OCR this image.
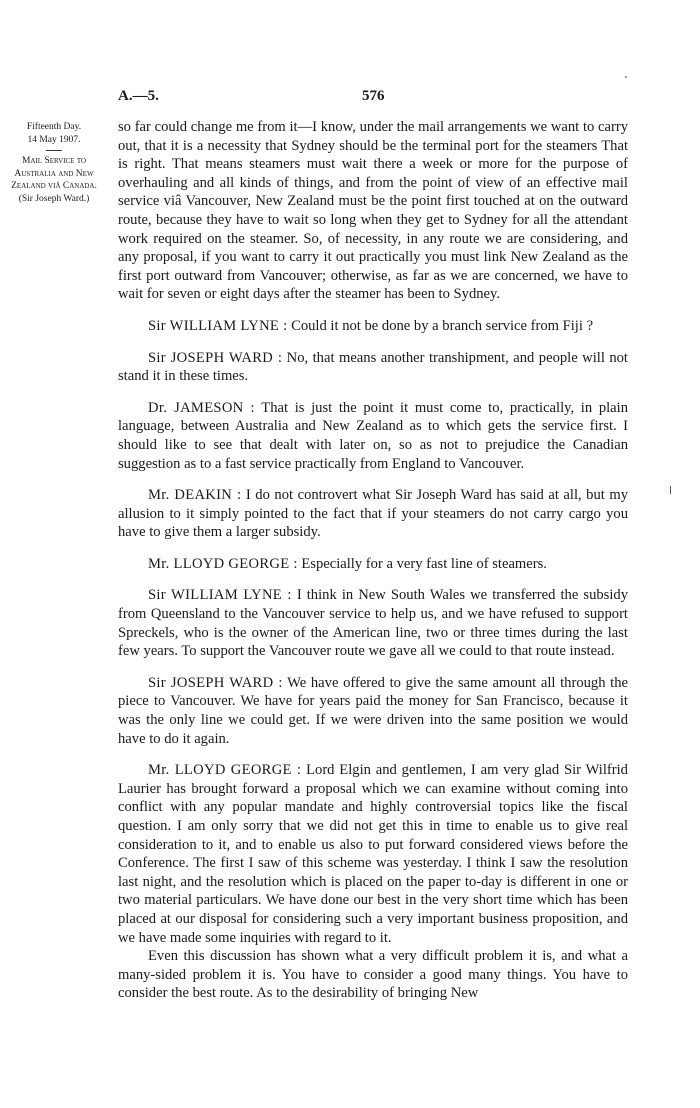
A.—5.	576
Fifteenth Day.
14 May 1907.
Mail Service to Australia and New Zealand viâ Canada.
(Sir Joseph Ward.)

so far could change me from it—I know, under the mail arrangements we want to carry out, that it is a necessity that Sydney should be the terminal port for the steamers That is right. That means steamers must wait there a week or more for the purpose of overhauling and all kinds of things, and from the point of view of an effective mail service viâ Vancouver, New Zealand must be the point first touched at on the outward route, because they have to wait so long when they get to Sydney for all the attendant work required on the steamer. So, of necessity, in any route we are considering, and any proposal, if you want to carry it out practically you must link New Zealand as the first port outward from Vancouver; otherwise, as far as we are concerned, we have to wait for seven or eight days after the steamer has been to Sydney.

Sir WILLIAM LYNE : Could it not be done by a branch service from Fiji ?

Sir JOSEPH WARD : No, that means another transhipment, and people will not stand it in these times.

Dr. JAMESON : That is just the point it must come to, practically, in plain language, between Australia and New Zealand as to which gets the service first. I should like to see that dealt with later on, so as not to prejudice the Canadian suggestion as to a fast service practically from England to Vancouver.

Mr. DEAKIN : I do not controvert what Sir Joseph Ward has said at all, but my allusion to it simply pointed to the fact that if your steamers do not carry cargo you have to give them a larger subsidy.

Mr. LLOYD GEORGE : Especially for a very fast line of steamers.

Sir WILLIAM LYNE : I think in New South Wales we transferred the subsidy from Queensland to the Vancouver service to help us, and we have refused to support Spreckels, who is the owner of the American line, two or three times during the last few years. To support the Vancouver route we gave all we could to that route instead.

Sir JOSEPH WARD : We have offered to give the same amount all through the piece to Vancouver. We have for years paid the money for San Francisco, because it was the only line we could get. If we were driven into the same position we would have to do it again.

Mr. LLOYD GEORGE : Lord Elgin and gentlemen, I am very glad Sir Wilfrid Laurier has brought forward a proposal which we can examine without coming into conflict with any popular mandate and highly controversial topics like the fiscal question. I am only sorry that we did not get this in time to enable us to give real consideration to it, and to enable us also to put forward considered views before the Conference. The first I saw of this scheme was yesterday. I think I saw the resolution last night, and the resolution which is placed on the paper to-day is different in one or two material particulars. We have done our best in the very short time which has been placed at our disposal for considering such a very important business proposition, and we have made some inquiries with regard to it.

Even this discussion has shown what a very difficult problem it is, and what a many-sided problem it is. You have to consider a good many things. You have to consider the best route. As to the desirability of bringing New
